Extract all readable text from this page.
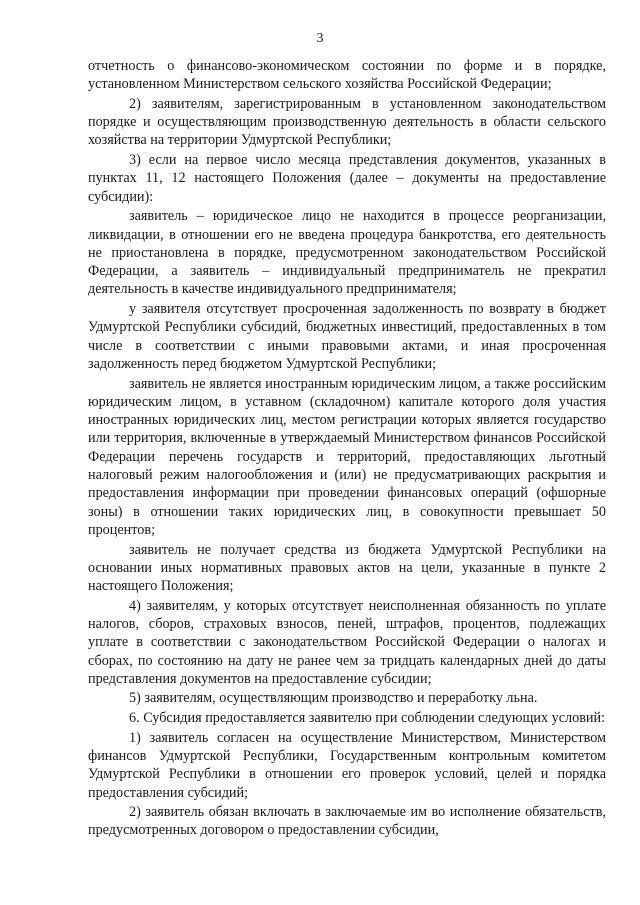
3

отчетность о финансово-экономическом состоянии по форме и в порядке, установленном Министерством сельского хозяйства Российской Федерации;

2) заявителям, зарегистрированным в установленном законодательством порядке и осуществляющим производственную деятельность в области сельского хозяйства на территории Удмуртской Республики;

3) если на первое число месяца представления документов, указанных в пунктах 11, 12 настоящего Положения (далее – документы на предоставление субсидии):

заявитель – юридическое лицо не находится в процессе реорганизации, ликвидации, в отношении его не введена процедура банкротства, его деятельность не приостановлена в порядке, предусмотренном законодательством Российской Федерации, а заявитель – индивидуальный предприниматель не прекратил деятельность в качестве индивидуального предпринимателя;

у заявителя отсутствует просроченная задолженность по возврату в бюджет Удмуртской Республики субсидий, бюджетных инвестиций, предоставленных в том числе в соответствии с иными правовыми актами, и иная просроченная задолженность перед бюджетом Удмуртской Республики;

заявитель не является иностранным юридическим лицом, а также российским юридическим лицом, в уставном (складочном) капитале которого доля участия иностранных юридических лиц, местом регистрации которых является государство или территория, включенные в утверждаемый Министерством финансов Российской Федерации перечень государств и территорий, предоставляющих льготный налоговый режим налогообложения и (или) не предусматривающих раскрытия и предоставления информации при проведении финансовых операций (офшорные зоны) в отношении таких юридических лиц, в совокупности превышает 50 процентов;

заявитель не получает средства из бюджета Удмуртской Республики на основании иных нормативных правовых актов на цели, указанные в пункте 2 настоящего Положения;

4) заявителям, у которых отсутствует неисполненная обязанность по уплате налогов, сборов, страховых взносов, пеней, штрафов, процентов, подлежащих уплате в соответствии с законодательством Российской Федерации о налогах и сборах, по состоянию на дату не ранее чем за тридцать календарных дней до даты представления документов на предоставление субсидии;

5) заявителям, осуществляющим производство и переработку льна.

6. Субсидия предоставляется заявителю при соблюдении следующих условий:

1) заявитель согласен на осуществление Министерством, Министерством финансов Удмуртской Республики, Государственным контрольным комитетом Удмуртской Республики в отношении его проверок условий, целей и порядка предоставления субсидий;

2) заявитель обязан включать в заключаемые им во исполнение обязательств, предусмотренных договором о предоставлении субсидии,
